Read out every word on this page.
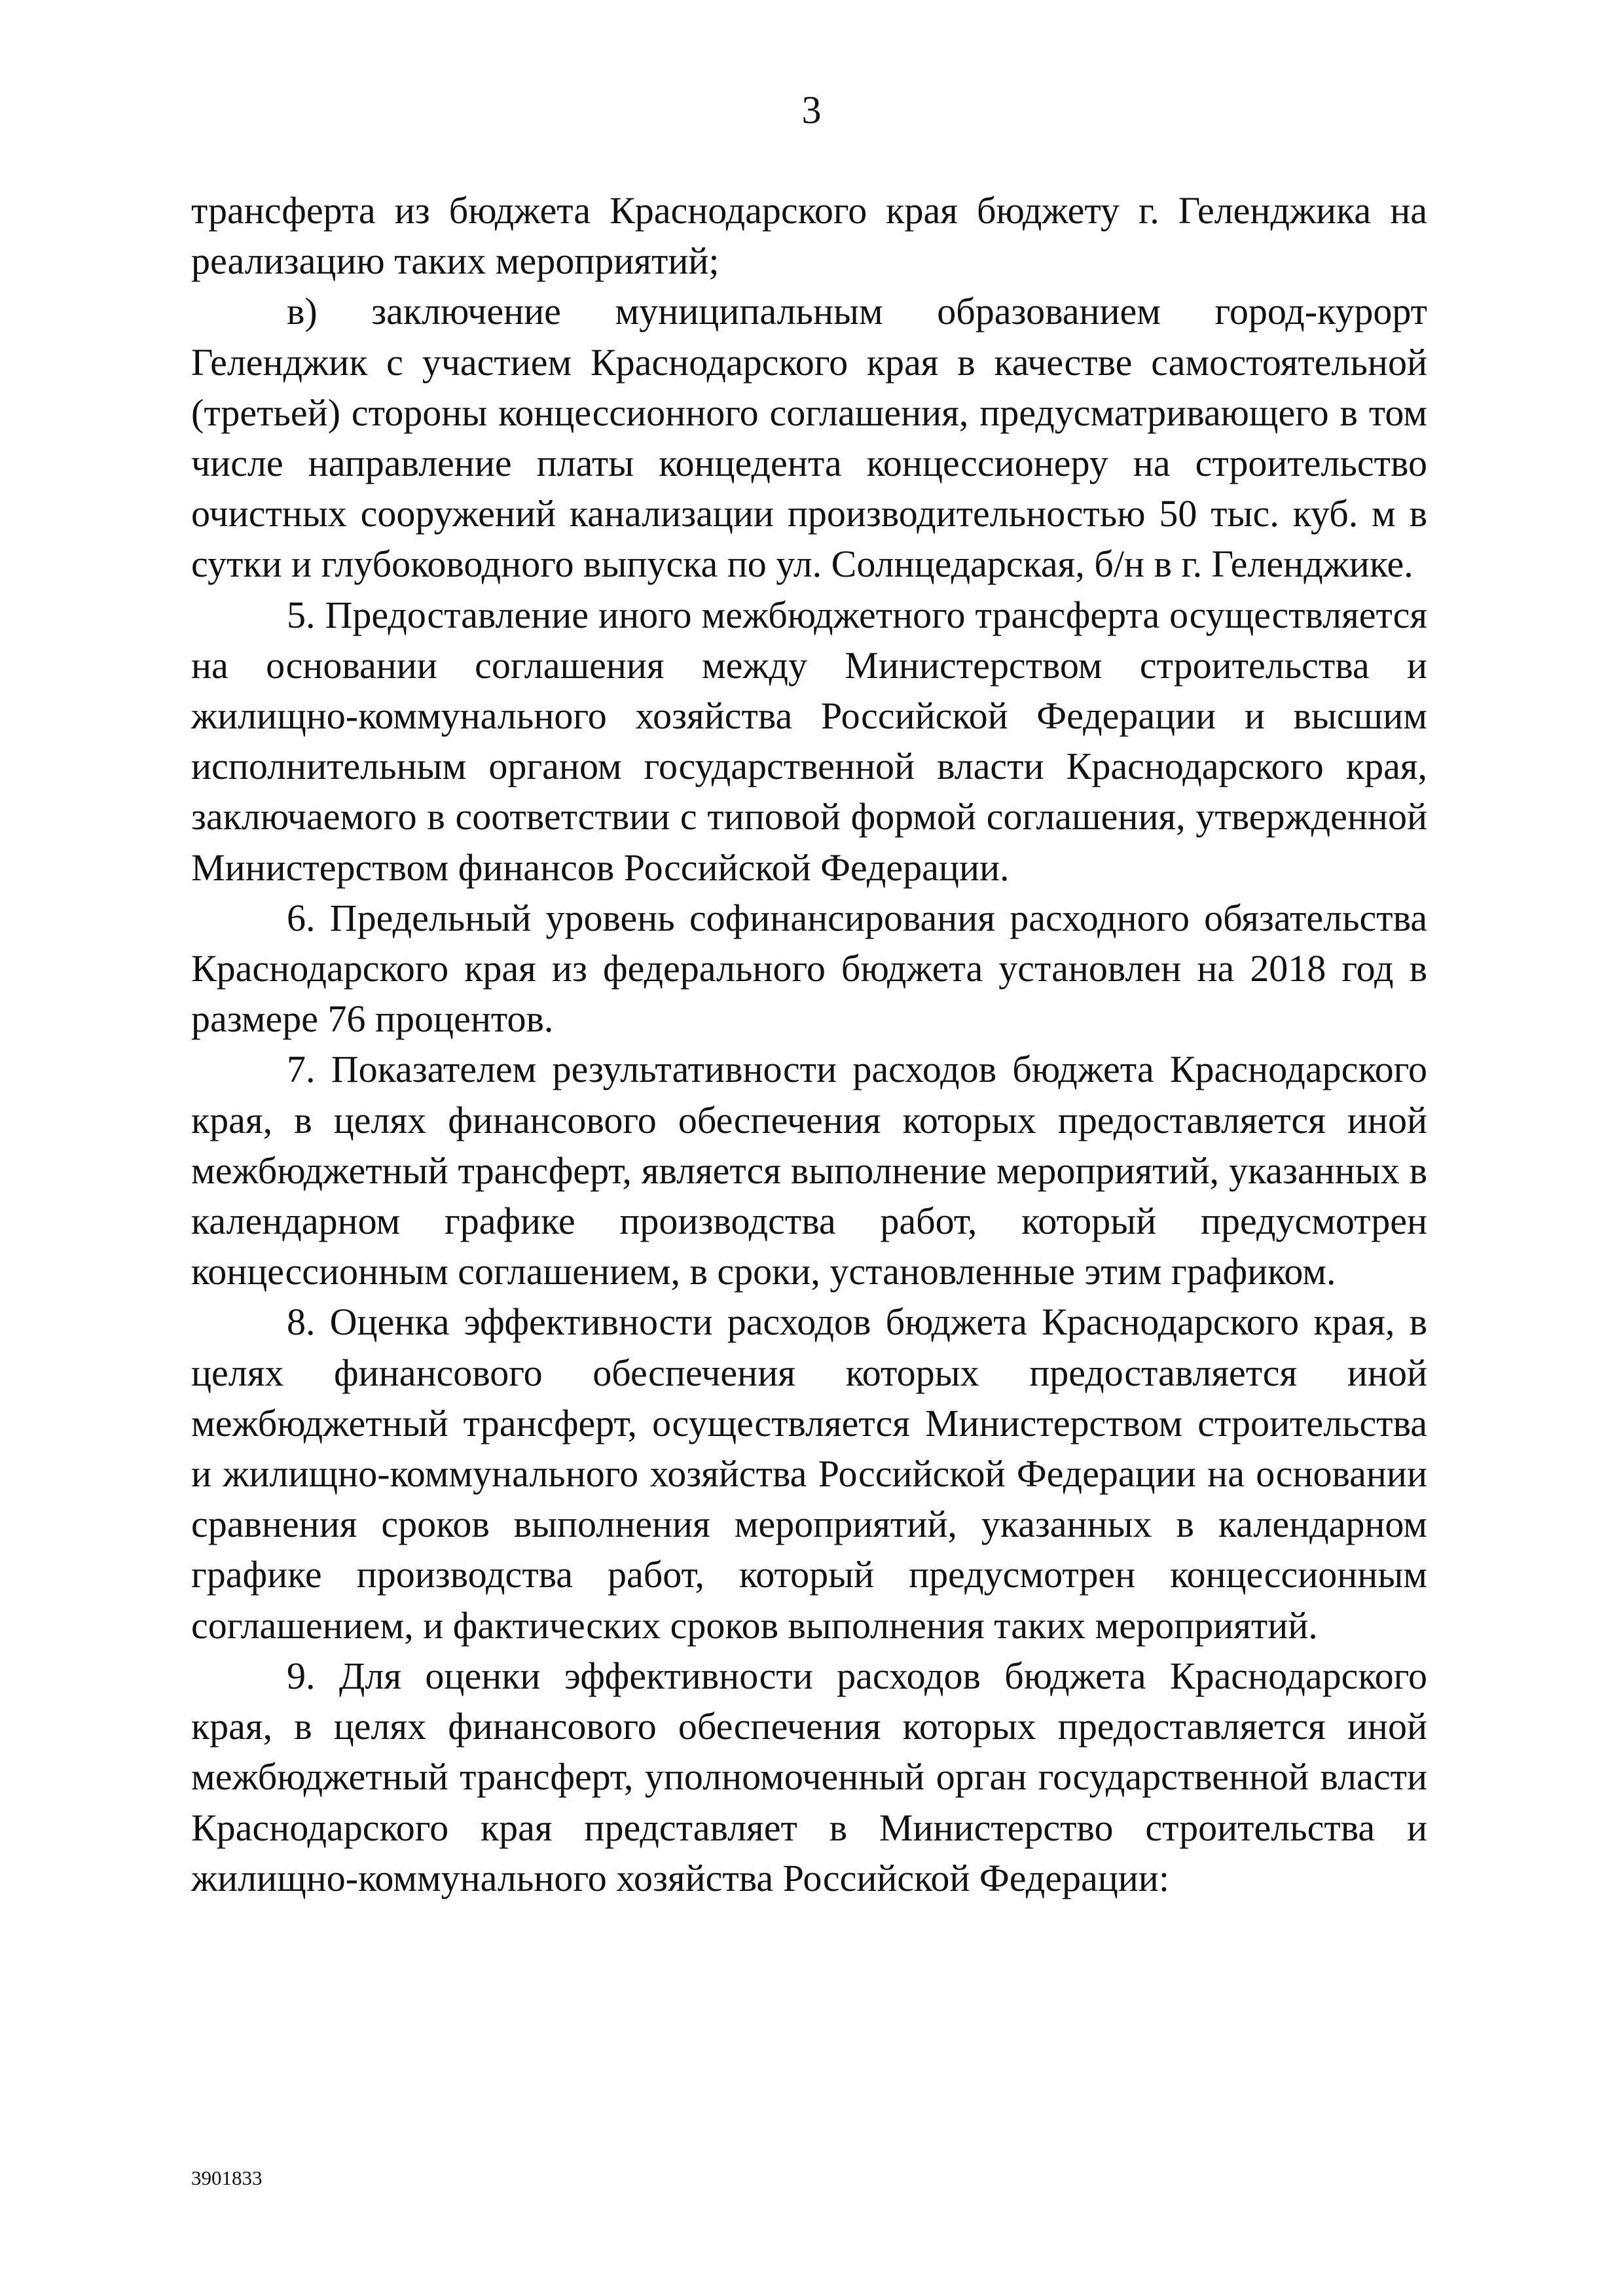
3

трансферта из бюджета Краснодарского края бюджету г. Геленджика на реализацию таких мероприятий;

в) заключение муниципальным образованием город-курорт Геленджик с участием Краснодарского края в качестве самостоятельной (третьей) стороны концессионного соглашения, предусматривающего в том числе направление платы концедента концессионеру на строительство очистных сооружений канализации производительностью 50 тыс. куб. м в сутки и глубоководного выпуска по ул. Солнцедарская, б/н в г. Геленджике.

5. Предоставление иного межбюджетного трансферта осуществляется на основании соглашения между Министерством строительства и жилищно-коммунального хозяйства Российской Федерации и высшим исполнительным органом государственной власти Краснодарского края, заключаемого в соответствии с типовой формой соглашения, утвержденной Министерством финансов Российской Федерации.

6. Предельный уровень софинансирования расходного обязательства Краснодарского края из федерального бюджета установлен на 2018 год в размере 76 процентов.

7. Показателем результативности расходов бюджета Краснодарского края, в целях финансового обеспечения которых предоставляется иной межбюджетный трансферт, является выполнение мероприятий, указанных в календарном графике производства работ, который предусмотрен концессионным соглашением, в сроки, установленные этим графиком.

8. Оценка эффективности расходов бюджета Краснодарского края, в целях финансового обеспечения которых предоставляется иной межбюджетный трансферт, осуществляется Министерством строительства и жилищно-коммунального хозяйства Российской Федерации на основании сравнения сроков выполнения мероприятий, указанных в календарном графике производства работ, который предусмотрен концессионным соглашением, и фактических сроков выполнения таких мероприятий.

9. Для оценки эффективности расходов бюджета Краснодарского края, в целях финансового обеспечения которых предоставляется иной межбюджетный трансферт, уполномоченный орган государственной власти Краснодарского края представляет в Министерство строительства и жилищно-коммунального хозяйства Российской Федерации:

3901833
